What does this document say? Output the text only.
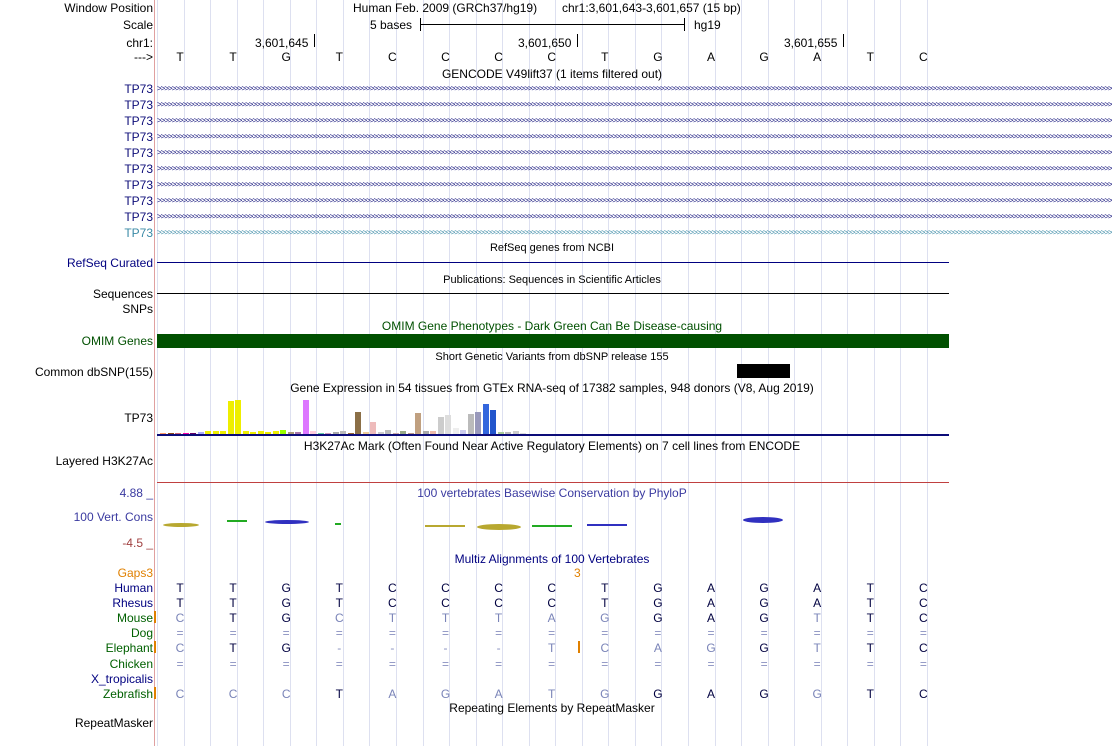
Window Position	Human Feb. 2009 (GRCh37/hg19) chr1:3,601,643-3,601,657 (15 bp)
Scale	5 bases	hg19
chr1:	3,601,645	3,601,650	3,601,655
---> T	T	G	T	C	C	C	C	T	G	A	G	A	T	C
GENCODE V49lift37 (1 items filtered out)
TP73 >>>>>>>>>>>>>>>>>>>>>>>>>>>>>>>>>>>>>>>>>>>>>>>>>>>>>>>>>>>>>>>>>>>>>>>>>>>>>>>>>>>>>>>>>>>>>>>>>>>>>>>>>>>>>>>>>>>>>>>>>>>>>>>>>>>>>>>>>>>>>>>>>>>>>>>>>>>>>>>>>>>>>>>>>>>>>>>>>>>>>>>>>>>>>>>>>>>>>>>>>>>>>>>>>>>>>>>>>>>>>>>>>>>>>>>>>>>>>>>>>>>>>>>>>>>>>>>>>>>>
TP73 >>>>>>>>>>>>>>>>>>>>>>>>>>>>>>>>>>>>>>>>>>>>>>>>>>>>>>>>>>>>>>>>>>>>>>>>>>>>>>>>>>>>>>>>>>>>>>>>>>>>>>>>>>>>>>>>>>>>>>>>>>>>>>>>>>>>>>>>>>>>>>>>>>>>>>>>>>>>>>>>>>>>>>>>>>>>>>>>>>>>>>>>>>>>>>>>>>>>>>>>>>>>>>>>>>>>>>>>>>>>>>>>>>>>>>>>>>>>>>>>>>>>>>>>>>>>>>>>>>>>
TP73 >>>>>>>>>>>>>>>>>>>>>>>>>>>>>>>>>>>>>>>>>>>>>>>>>>>>>>>>>>>>>>>>>>>>>>>>>>>>>>>>>>>>>>>>>>>>>>>>>>>>>>>>>>>>>>>>>>>>>>>>>>>>>>>>>>>>>>>>>>>>>>>>>>>>>>>>>>>>>>>>>>>>>>>>>>>>>>>>>>>>>>>>>>>>>>>>>>>>>>>>>>>>>>>>>>>>>>>>>>>>>>>>>>>>>>>>>>>>>>>>>>>>>>>>>>>>>>>>>>>>
TP73 >>>>>>>>>>>>>>>>>>>>>>>>>>>>>>>>>>>>>>>>>>>>>>>>>>>>>>>>>>>>>>>>>>>>>>>>>>>>>>>>>>>>>>>>>>>>>>>>>>>>>>>>>>>>>>>>>>>>>>>>>>>>>>>>>>>>>>>>>>>>>>>>>>>>>>>>>>>>>>>>>>>>>>>>>>>>>>>>>>>>>>>>>>>>>>>>>>>>>>>>>>>>>>>>>>>>>>>>>>>>>>>>>>>>>>>>>>>>>>>>>>>>>>>>>>>>>>>>>>>>
TP73 >>>>>>>>>>>>>>>>>>>>>>>>>>>>>>>>>>>>>>>>>>>>>>>>>>>>>>>>>>>>>>>>>>>>>>>>>>>>>>>>>>>>>>>>>>>>>>>>>>>>>>>>>>>>>>>>>>>>>>>>>>>>>>>>>>>>>>>>>>>>>>>>>>>>>>>>>>>>>>>>>>>>>>>>>>>>>>>>>>>>>>>>>>>>>>>>>>>>>>>>>>>>>>>>>>>>>>>>>>>>>>>>>>>>>>>>>>>>>>>>>>>>>>>>>>>>>>>>>>>>
TP73 >>>>>>>>>>>>>>>>>>>>>>>>>>>>>>>>>>>>>>>>>>>>>>>>>>>>>>>>>>>>>>>>>>>>>>>>>>>>>>>>>>>>>>>>>>>>>>>>>>>>>>>>>>>>>>>>>>>>>>>>>>>>>>>>>>>>>>>>>>>>>>>>>>>>>>>>>>>>>>>>>>>>>>>>>>>>>>>>>>>>>>>>>>>>>>>>>>>>>>>>>>>>>>>>>>>>>>>>>>>>>>>>>>>>>>>>>>>>>>>>>>>>>>>>>>>>>>>>>>>>
TP73 >>>>>>>>>>>>>>>>>>>>>>>>>>>>>>>>>>>>>>>>>>>>>>>>>>>>>>>>>>>>>>>>>>>>>>>>>>>>>>>>>>>>>>>>>>>>>>>>>>>>>>>>>>>>>>>>>>>>>>>>>>>>>>>>>>>>>>>>>>>>>>>>>>>>>>>>>>>>>>>>>>>>>>>>>>>>>>>>>>>>>>>>>>>>>>>>>>>>>>>>>>>>>>>>>>>>>>>>>>>>>>>>>>>>>>>>>>>>>>>>>>>>>>>>>>>>>>>>>>>>
TP73 >>>>>>>>>>>>>>>>>>>>>>>>>>>>>>>>>>>>>>>>>>>>>>>>>>>>>>>>>>>>>>>>>>>>>>>>>>>>>>>>>>>>>>>>>>>>>>>>>>>>>>>>>>>>>>>>>>>>>>>>>>>>>>>>>>>>>>>>>>>>>>>>>>>>>>>>>>>>>>>>>>>>>>>>>>>>>>>>>>>>>>>>>>>>>>>>>>>>>>>>>>>>>>>>>>>>>>>>>>>>>>>>>>>>>>>>>>>>>>>>>>>>>>>>>>>>>>>>>>>>
TP73 >>>>>>>>>>>>>>>>>>>>>>>>>>>>>>>>>>>>>>>>>>>>>>>>>>>>>>>>>>>>>>>>>>>>>>>>>>>>>>>>>>>>>>>>>>>>>>>>>>>>>>>>>>>>>>>>>>>>>>>>>>>>>>>>>>>>>>>>>>>>>>>>>>>>>>>>>>>>>>>>>>>>>>>>>>>>>>>>>>>>>>>>>>>>>>>>>>>>>>>>>>>>>>>>>>>>>>>>>>>>>>>>>>>>>>>>>>>>>>>>>>>>>>>>>>>>>>>>>>>>
TP73 >>>>>>>>>>>>>>>>>>>>>>>>>>>>>>>>>>>>>>>>>>>>>>>>>>>>>>>>>>>>>>>>>>>>>>>>>>>>>>>>>>>>>>>>>>>>>>>>>>>>>>>>>>>>>>>>>>>>>>>>>>>>>>>>>>>>>>>>>>>>>>>>>>>>>>>>>>>>>>>>>>>>>>>>>>>>>>>>>>>>>>>>>>>>>>>>>>>>>>>>>>>>>>>>>>>>>>>>>>>>>>>>>>>>>>>>>>>>>>>>>>>>>>>>>>>>>>>>>>>>
RefSeq genes from NCBI
RefSeq Curated
Publications: Sequences in Scientific Articles
Sequences
SNPs
OMIM Gene Phenotypes - Dark Green Can Be Disease-causing
OMIM Genes
Short Genetic Variants from dbSNP release 155
Common dbSNP(155)
Gene Expression in 54 tissues from GTEx RNA-seq of 17382 samples, 948 donors (V8, Aug 2019)
TP73
H3K27Ac Mark (Often Found Near Active Regulatory Elements) on 7 cell lines from ENCODE
Layered H3K27Ac
100 vertebrates Basewise Conservation by PhyloP
4.88 _
100 Vert. Cons
-4.5 _
Multiz Alignments of 100 Vertebrates
Gaps3	3
Human T	T	G	T	C	C	C	C	T	G	A	G	A	T	C
Rhesus T	T	G	T	C	C	C	C	T	G	A	G	A	T	C
Mouse C	T	G	C	T	T	T	A	G	G	A	G	T	T	C
Dog =	=	=	=	=	=	=	=	=	=	=	=	=	=	=
Elephant C	T	G	-	-	-	-	T	C	A	G	G	T	T	C
Chicken =	=	=	=	=	=	=	=	=	=	=	=	=	=	=
X_tropicalis
Zebrafish C	C	C	T	A	G	A	T	G	G	A	G	G	T	C
Repeating Elements by RepeatMasker
RepeatMasker
